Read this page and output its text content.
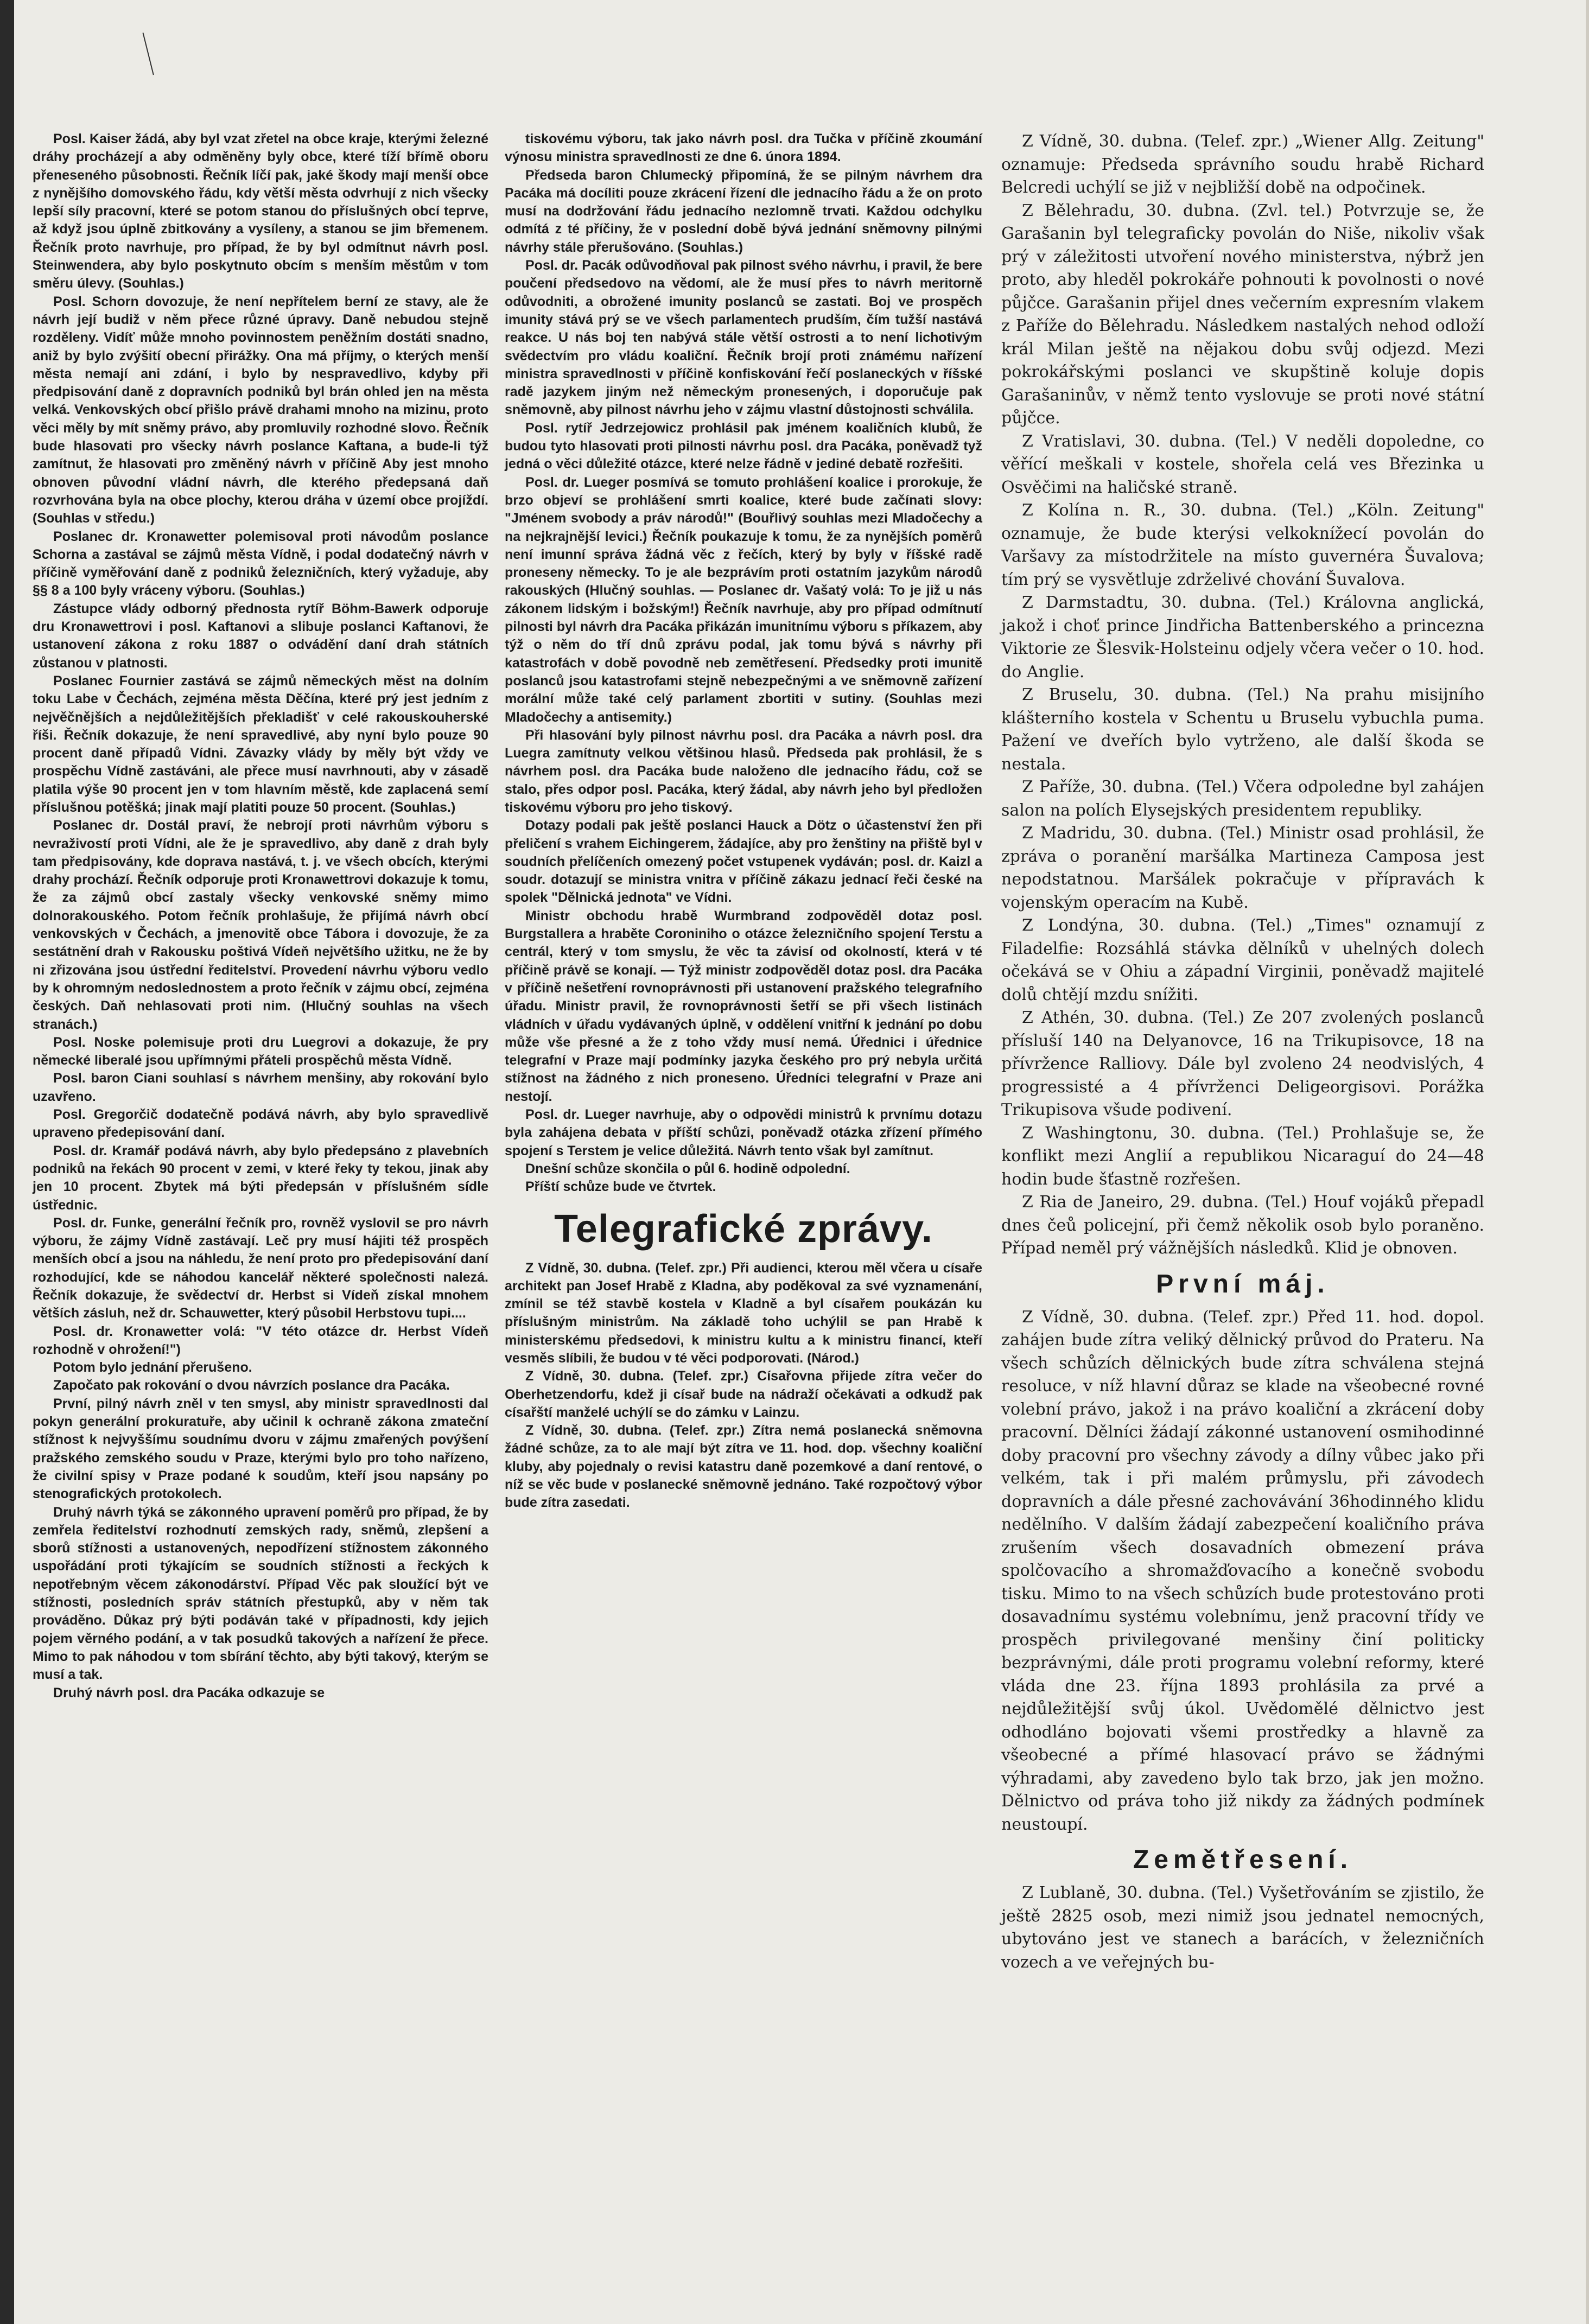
Posl. Kaiser žádá, aby byl vzat zřetel na obce kraje, kterými železné dráhy procházejí a aby odměněny byly obce, které tíží břímě oboru přeneseného působnosti. Řečník líčí pak, jaké škody mají menší obce z nynějšího domovského řádu, kdy větší města odvrhují z nich všecky lepší síly pracovní, které se potom stanou do příslušných obcí teprve, až když jsou úplně zbitkovány a vysíleny, a stanou se jim břemenem. Řečník proto navrhuje, pro případ, že by byl odmítnut návrh posl. Steinwendera, aby bylo poskytnuto obcím s menším městům v tom směru úlevy. (Souhlas.)

Posl. Schorn dovozuje, že není nepřítelem berní ze stavy, ale že návrh její budiž v něm přece různé úpravy. Daně nebudou stejně rozděleny. Vidíť může mnoho povinnostem peněžním dostáti snadno, aniž by bylo zvýšití obecní přirážky. Ona má příjmy, o kterých menší města nemají ani zdání, i bylo by nespravedlivo, kdyby při předpisování daně z dopravních podniků byl brán ohled jen na města velká. Venkovských obcí přišlo právě drahami mnoho na mizinu, proto věci měly by mít sněmy právo, aby promluvily rozhodné slovo. Řečník bude hlasovati pro všecky návrh poslance Kaftana, a bude-li týž zamítnut, že hlasovati pro změněný návrh v příčině Aby jest mnoho obnoven původní vládní návrh, dle kterého předepsaná daň rozvrhována byla na obce plochy, kterou dráha v území obce projíždí. (Souhlas v středu.)

Poslanec dr. Kronawetter polemisoval proti návodům poslance Schorna a zastával se zájmů města Vídně, i podal dodatečný návrh v příčině vyměřování daně z podniků železničních, který vyžaduje, aby §§ 8 a 100 byly vráceny výboru. (Souhlas.)

Zástupce vlády odborný přednosta rytíř Böhm-Bawerk odporuje dru Kronawettrovi i posl. Kaftanovi a slibuje poslanci Kaftanovi, že ustanovení zákona z roku 1887 o odvádění daní drah státních zůstanou v platnosti.

Poslanec Fournier zastává se zájmů německých měst na dolním toku Labe v Čechách, zejména města Děčína, které prý jest jedním z nejvěčnějších a nejdůležitějších překladišť v celé rakouskouherské říši. Řečník dokazuje, že není spravedlivé, aby nyní bylo pouze 90 procent daně případů Vídni. Závazky vlády by měly být vždy ve prospěchu Vídně zastáváni, ale přece musí navrhnouti, aby v zásadě platila výše 90 procent jen v tom hlavním městě, kde zaplacená semí příslušnou potěšká; jinak mají platiti pouze 50 procent. (Souhlas.)

Poslanec dr. Dostál praví, že nebrojí proti návrhům výboru s nevraživostí proti Vídni, ale že je spravedlivo, aby daně z drah byly tam předpisovány, kde doprava nastává, t. j. ve všech obcích, kterými drahy prochází. Řečník odporuje proti Kronawettrovi dokazuje k tomu, že za zájmů obcí zastaly všecky venkovské sněmy mimo dolnorakouského. Potom řečník prohlašuje, že přijímá návrh obcí venkovských v Čechách, a jmenovitě obce Tábora i dovozuje, že za sestátnění drah v Rakousku poštivá Vídeň největšího užitku, ne že by ni zřizována jsou ústřední ředitelství. Provedení návrhu výboru vedlo by k ohromným nedoslednostem a proto řečník v zájmu obcí, zejména českých. Daň nehlasovati proti nim. (Hlučný souhlas na všech stranách.)

Posl. Noske polemisuje proti dru Luegrovi a dokazuje, že pry německé liberalé jsou upřímnými přáteli prospěchů města Vídně.

Posl. baron Ciani souhlasí s návrhem menšiny, aby rokování bylo uzavřeno.

Posl. Gregorčič dodatečně podává návrh, aby bylo spravedlivě upraveno předepisování daní.

Posl. dr. Kramář podává návrh, aby bylo předepsáno z plavebních podniků na řekách 90 procent v zemi, v které řeky ty tekou, jinak aby jen 10 procent. Zbytek má býti předepsán v příslušném sídle ústřednic.

Posl. dr. Funke, generální řečník pro, rovněž vyslovil se pro návrh výboru, že zájmy Vídně zastávají. Leč pry musí hájiti též prospěch menších obcí a jsou na náhledu, že není proto pro předepisování daní rozhodující, kde se náhodou kancelář některé společnosti nalezá. Řečník dokazuje, že svědectví dr. Herbst si Vídeň získal mnohem větších zásluh, než dr. Schauwetter, který působil Herbstovu tupi....

Posl. dr. Kronawetter volá: "V této otázce dr. Herbst Vídeň rozhodně v ohrožení!")

Potom bylo jednání přerušeno.

Započato pak rokování o dvou návrzích poslance dra Pacáka.

První, pilný návrh zněl v ten smysl, aby ministr spravedlnosti dal pokyn generální prokuratuře, aby učinil k ochraně zákona zmateční stížnost k nejvyššímu soudnímu dvoru v zájmu zmařených povýšení pražského zemského soudu v Praze, kterými bylo pro toho nařízeno, že civilní spisy v Praze podané k soudům, kteří jsou napsány po stenografických protokolech.

Druhý návrh týká se zákonného upravení poměrů pro případ, že by zemřela ředitelství rozhodnutí zemských rady, sněmů, zlepšení a sborů stížnosti a ustanovených, nepodřízení stížnostem zákonného uspořádání proti týkajícím se soudních stížnosti a řeckých k nepotřebným věcem zákonodárství. Případ Věc pak sloužící být ve stížnosti, posledních správ státních přestupků, aby v něm tak prováděno. Důkaz prý býti podáván také v případnosti, kdy jejich pojem věrného podání, a v tak posudků takových a nařízení že přece. Mimo to pak náhodou v tom sbírání těchto, aby býti takový, kterým se musí a tak.

Druhý návrh posl. dra Pacáka odkazuje se

tiskovému výboru, tak jako návrh posl. dra Tučka v příčině zkoumání výnosu ministra spravedlnosti ze dne 6. února 1894.

Předseda baron Chlumecký připomíná, že se pilným návrhem dra Pacáka má docíliti pouze zkrácení řízení dle jednacího řádu a že on proto musí na dodržování řádu jednacího nezlomně trvati. Každou odchylku odmítá z té příčiny, že v poslední době bývá jednání sněmovny pilnými návrhy stále přerušováno. (Souhlas.)

Posl. dr. Pacák odůvodňoval pak pilnost svého návrhu, i pravil, že bere poučení předsedovo na vědomí, ale že musí přes to návrh meritorně odůvodniti, a obrožené imunity poslanců se zastati. Boj ve prospěch imunity stává prý se ve všech parlamentech prudším, čím tužší nastává reakce. U nás boj ten nabývá stále větší ostrosti a to není lichotivým svědectvím pro vládu koaliční. Řečník brojí proti známému nařízení ministra spravedlnosti v příčině konfiskování řečí poslaneckých v říšské radě jazykem jiným než německým pronesených, i doporučuje pak sněmovně, aby pilnost návrhu jeho v zájmu vlastní důstojnosti schválila.

Posl. rytíř Jedrzejowicz prohlásil pak jménem koaličních klubů, že budou tyto hlasovati proti pilnosti návrhu posl. dra Pacáka, poněvadž tyž jedná o věci důležité otázce, které nelze řádně v jediné debatě rozřešiti.

Posl. dr. Lueger posmívá se tomuto prohlášení koalice i prorokuje, že brzo objeví se prohlášení smrti koalice, které bude začínati slovy: "Jménem svobody a práv národů!" (Bouřlivý souhlas mezi Mladočechy a na nejkrajnější levici.) Řečník poukazuje k tomu, že za nynějších poměrů není imunní správa žádná věc z řečích, který by byly v říšské radě proneseny německy. To je ale bezprávím proti ostatním jazykům národů rakouských (Hlučný souhlas. — Poslanec dr. Vašatý volá: To je již u nás zákonem lidským i božským!) Řečník navrhuje, aby pro případ odmítnutí pilnosti byl návrh dra Pacáka přikázán imunitnímu výboru s příkazem, aby týž o něm do tří dnů zprávu podal, jak tomu bývá s návrhy při katastrofách v době povodně neb zemětřesení. Předsedky proti imunitě poslanců jsou katastrofami stejně nebezpečnými a ve sněmovně zařízení morální může také celý parlament zbortiti v sutiny. (Souhlas mezi Mladočechy a antisemity.)

Při hlasování byly pilnost návrhu posl. dra Pacáka a návrh posl. dra Luegra zamítnuty velkou většinou hlasů. Předseda pak prohlásil, že s návrhem posl. dra Pacáka bude naloženo dle jednacího řádu, což se stalo, přes odpor posl. Pacáka, který žádal, aby návrh jeho byl předložen tiskovému výboru pro jeho tiskový.

Dotazy podali pak ještě poslanci Hauck a Dötz o účastenství žen při přeličení s vrahem Eichingerem, žádajíce, aby pro ženštiny na přiště byl v soudních přelíčeních omezený počet vstupenek vydáván; posl. dr. Kaizl a soudr. dotazují se ministra vnitra v příčině zákazu jednací řeči české na spolek "Dělnická jednota" ve Vídni.

Ministr obchodu hrabě Wurmbrand zodpověděl dotaz posl. Burgstallera a hraběte Coroniniho o otázce železničního spojení Terstu a centrál, který v tom smyslu, že věc ta závisí od okolností, která v té příčině právě se konají. — Týž ministr zodpověděl dotaz posl. dra Pacáka v příčině nešetření rovnoprávnosti při ustanovení pražského telegrafního úřadu. Ministr pravil, že rovnoprávnosti šetří se při všech listinách vládních v úřadu vydávaných úplně, v oddělení vnitřní k jednání po dobu může vše přesné a že z toho vždy musí nemá. Úřednici i úřednice telegrafní v Praze mají podmínky jazyka českého pro prý nebyla určitá stížnost na žádného z nich proneseno. Úředníci telegrafní v Praze ani nestojí.

Posl. dr. Lueger navrhuje, aby o odpovědi ministrů k prvnímu dotazu byla zahájena debata v příští schůzi, poněvadž otázka zřízení přímého spojení s Terstem je velice důležitá. Návrh tento však byl zamítnut.

Dnešní schůze skončila o půl 6. hodině odpolední.

Příští schůze bude ve čtvrtek.

Telegrafické zprávy.

Z Vídně, 30. dubna. (Telef. zpr.) Při audienci, kterou měl včera u císaře architekt pan Josef Hrabě z Kladna, aby poděkoval za své vyznamenání, zmínil se též stavbě kostela v Kladně a byl císařem poukázán ku příslušným ministrům. Na základě toho uchýlil se pan Hrabě k ministerskému předsedovi, k ministru kultu a k ministru financí, kteří vesměs slíbili, že budou v té věci podporovati. (Národ.)

Z Vídně, 30. dubna. (Telef. zpr.) Císařovna přijede zítra večer do Oberhetzendorfu, kdež ji císař bude na nádraží očekávati a odkudž pak císařští manželé uchýlí se do zámku v Lainzu.

Z Vídně, 30. dubna. (Telef. zpr.) Zítra nemá poslanecká sněmovna žádné schůze, za to ale mají být zítra ve 11. hod. dop. všechny koaliční kluby, aby pojednaly o revisi katastru daně pozemkové a daní rentové, o níž se věc bude v poslanecké sněmovně jednáno. Také rozpočtový výbor bude zítra zasedati.

Z Vídně, 30. dubna. (Telef. zpr.) „Wiener Allg. Zeitung" oznamuje: Předseda správního soudu hrabě Richard Belcredi uchýlí se již v nejbližší době na odpočinek.

Z Bělehradu, 30. dubna. (Zvl. tel.) Potvrzuje se, že Garašanin byl telegraficky povolán do Niše, nikoliv však prý v záležitosti utvoření nového ministerstva, nýbrž jen proto, aby hleděl pokrokáře pohnouti k povolnosti o nové půjčce. Garašanin přijel dnes večerním expresním vlakem z Paříže do Bělehradu. Následkem nastalých nehod odloží král Milan ještě na nějakou dobu svůj odjezd. Mezi pokrokářskými poslanci ve skupštině koluje dopis Garašaninův, v němž tento vyslovuje se proti nové státní půjčce.

Z Vratislavi, 30. dubna. (Tel.) V neděli dopoledne, co věřící meškali v kostele, shořela celá ves Březinka u Osvěčimi na haličské straně.

Z Kolína n. R., 30. dubna. (Tel.) „Köln. Zeitung" oznamuje, že bude kterýsi velkoknížecí povolán do Varšavy za místodržitele na místo guvernéra Šuvalova; tím prý se vysvětluje zdrželivé chování Šuvalova.

Z Darmstadtu, 30. dubna. (Tel.) Královna anglická, jakož i choť prince Jindřicha Battenberského a princezna Viktorie ze Šlesvik-Holsteinu odjely včera večer o 10. hod. do Anglie.

Z Bruselu, 30. dubna. (Tel.) Na prahu misijního klášterního kostela v Schentu u Bruselu vybuchla puma. Pažení ve dveřích bylo vytrženo, ale další škoda se nestala.

Z Paříže, 30. dubna. (Tel.) Včera odpoledne byl zahájen salon na polích Elysejských presidentem republiky.

Z Madridu, 30. dubna. (Tel.) Ministr osad prohlásil, že zpráva o poranění maršálka Martineza Camposa jest nepodstatnou. Maršálek pokračuje v přípravách k vojenským operacím na Kubě.

Z Londýna, 30. dubna. (Tel.) „Times" oznamují z Filadelfie: Rozsáhlá stávka dělníků v uhelných dolech očekává se v Ohiu a západní Virginii, poněvadž majitelé dolů chtějí mzdu snížiti.

Z Athén, 30. dubna. (Tel.) Ze 207 zvolených poslanců přísluší 140 na Delyanovce, 16 na Trikupisovce, 18 na přívržence Ralliovy. Dále byl zvoleno 24 neodvislých, 4 progressisté a 4 přívrženci Deligeorgisovi. Porážka Trikupisova všude podivení.

Z Washingtonu, 30. dubna. (Tel.) Prohlašuje se, že konflikt mezi Anglií a republikou Nicaraguí do 24—48 hodin bude šťastně rozřešen.

Z Ria de Janeiro, 29. dubna. (Tel.) Houf vojáků přepadl dnes čeů policejní, při čemž několik osob bylo poraněno. Případ neměl prý vážnějších následků. Klid je obnoven.

První máj.

Z Vídně, 30. dubna. (Telef. zpr.) Před 11. hod. dopol. zahájen bude zítra veliký dělnický průvod do Prateru. Na všech schůzích dělnických bude zítra schválena stejná resoluce, v níž hlavní důraz se klade na všeobecné rovné volební právo, jakož i na právo koaliční a zkrácení doby pracovní. Dělníci žádají zákonné ustanovení osmihodinné doby pracovní pro všechny závody a dílny vůbec jako při velkém, tak i při malém průmyslu, při závodech dopravních a dále přesné zachovávání 36hodinného klidu nedělního. V dalším žádají zabezpečení koaličního práva zrušením všech dosavadních obmezení práva spolčovacího a shromažďovacího a konečně svobodu tisku. Mimo to na všech schůzích bude protestováno proti dosavadnímu systému volebnímu, jenž pracovní třídy ve prospěch privilegované menšiny činí politicky bezprávnými, dále proti programu volební reformy, které vláda dne 23. října 1893 prohlásila za prvé a nejdůležitější svůj úkol. Uvědomělé dělnictvo jest odhodláno bojovati všemi prostředky a hlavně za všeobecné a přímé hlasovací právo se žádnými výhradami, aby zavedeno bylo tak brzo, jak jen možno. Dělnictvo od práva toho již nikdy za žádných podmínek neustoupí.

Zemětřesení.

Z Lublaně, 30. dubna. (Tel.) Vyšetřováním se zjistilo, že ještě 2825 osob, mezi nimiž jsou jednatel nemocných, ubytováno jest ve stanech a barácích, v železničních vozech a ve veřejných bu-
